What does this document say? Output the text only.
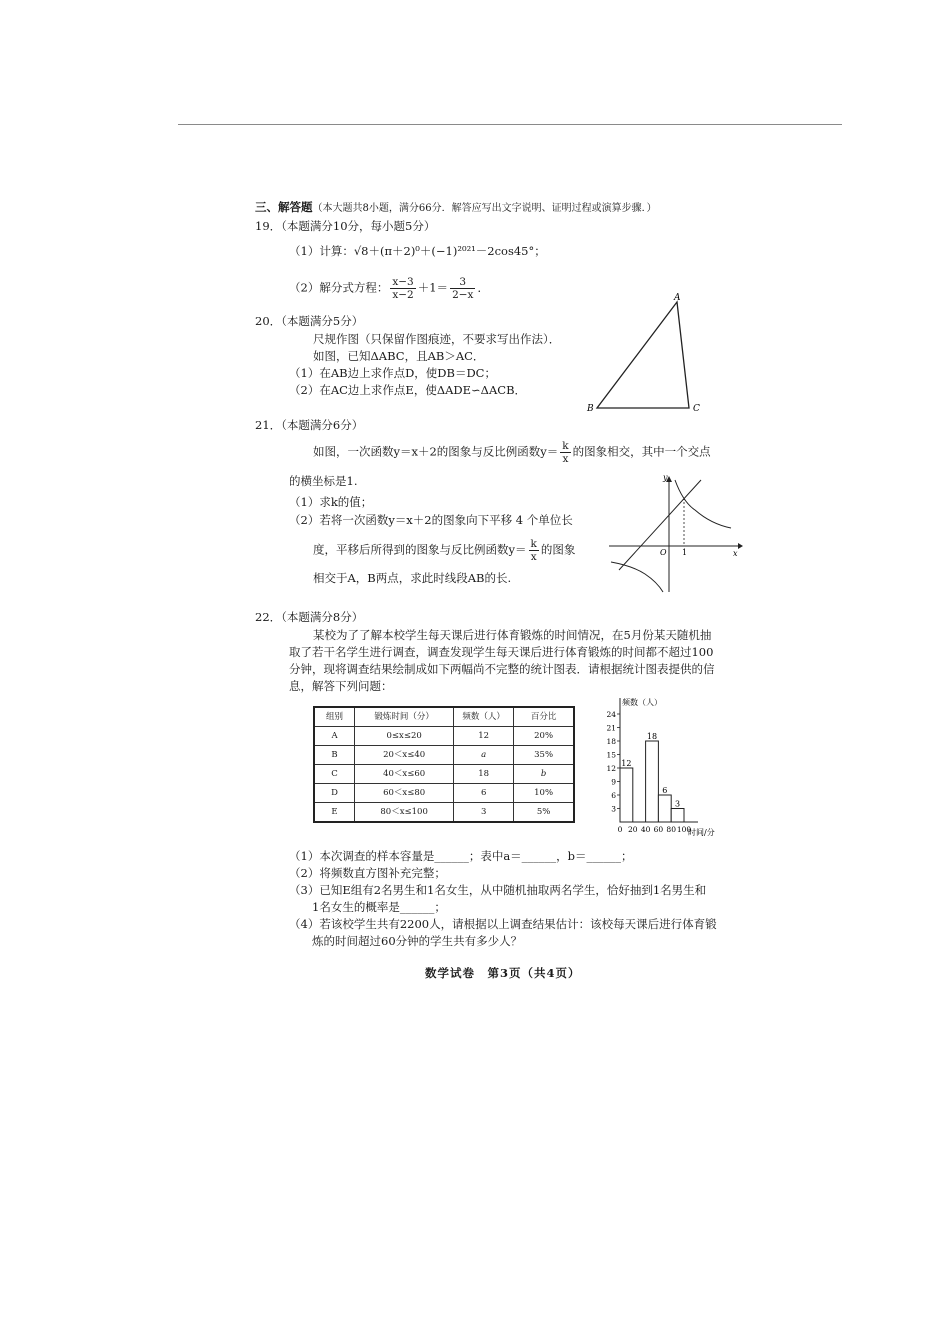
三、解答题（本大题共8小题，满分66分．解答应写出文字说明、证明过程或演算步骤．）
19．（本题满分10分，每小题5分）
（1）计算：√8＋(π＋2)⁰＋(−1)²⁰²¹－2cos45°；
（2）解分式方程： $\frac{x-3}{x-2} +1= \frac{3}{2-x}$ ．
20．（本题满分5分）
尺规作图（只保留作图痕迹，不要求写出作法）．
如图，已知ΔABC，且AB＞AC．
（1）在AB边上求作点D，使DB＝DC；
（2）在AC边上求作点E，使ΔADE∽ΔACB．
A
B	C
21．（本题满分6分）
如图，一次函数y＝x＋2的图象与反比例函数$y= \frac{k}{x}$ 的图象相交，其中一个交点
的横坐标是1.
（1）求k的值；
（2）若将一次函数y＝x＋2的图象向下平移 4 个单位长
度，平移后所得到的图象与反比例函数$y= \frac{k}{x}$ 的图象
相交于A，B两点，求此时线段AB的长.
y
x
O 1
22．（本题满分8分）
某校为了了解本校学生每天课后进行体育锻炼的时间情况，在5月份某天随机抽
取了若干名学生进行调查，调查发现学生每天课后进行体育锻炼的时间都不超过100
分钟，现将调查结果绘制成如下两幅尚不完整的统计图表．请根据统计图表提供的信
息，解答下列问题：
组别	锻炼时间（分）	频数（人）	百分比
A	0≤x≤20	12	20%
B	20＜x≤40	a	35%
C	40＜x≤60	18	b
D	60＜x≤80	6	10%
E	80＜x≤100	3	5%
频数（人）
时间/分
3
6
9
12
15
18
21
24
0 20 40 60 80 100
12
18
6
3
（1）本次调查的样本容量是______；表中a＝______，b＝______；
（2）将频数直方图补充完整；
（3）已知E组有2名男生和1名女生，从中随机抽取两名学生，恰好抽到1名男生和
　　1名女生的概率是______；
（4）若该校学生共有2200人，请根据以上调查结果估计：该校每天课后进行体育锻
　　炼的时间超过60分钟的学生共有多少人？
数学试卷　第3页（共4页）
